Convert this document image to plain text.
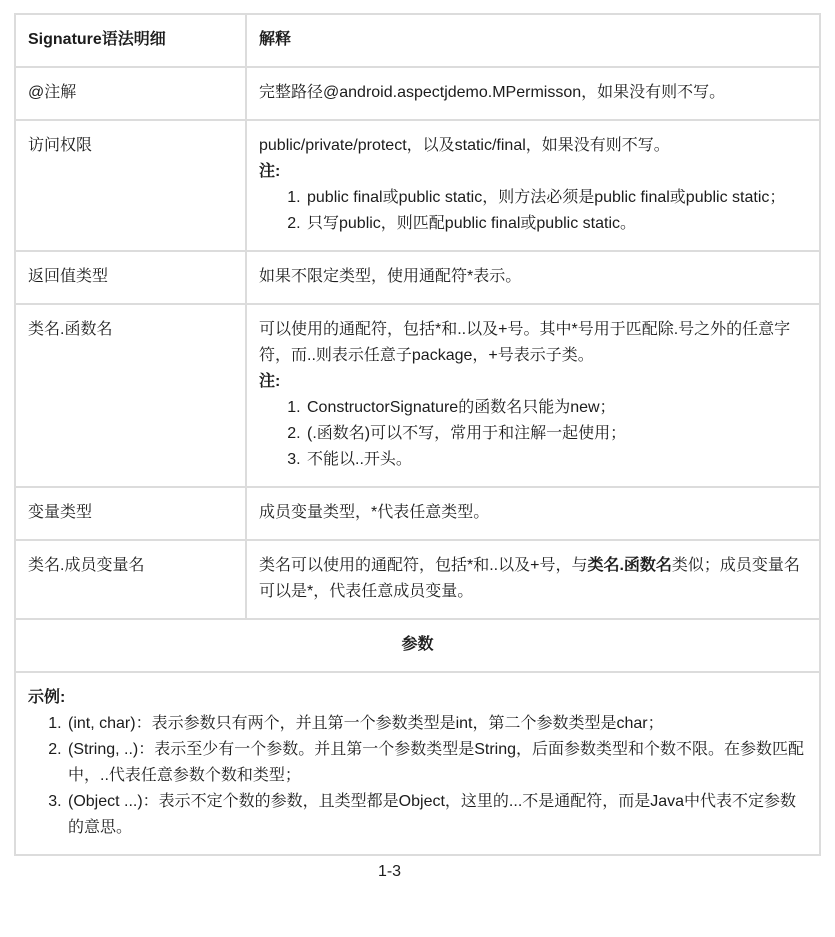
Signature语法明细	解释
@注解	完整路径@android.aspectjdemo.MPermisson，如果没有则不写。

访问权限	public/private/protect，以及static/final，如果没有则不写。

注:

1. public final或public static，则方法必须是public final或public static；
2. 只写public，则匹配public final或public static。

返回值类型	如果不限定类型，使用通配符*表示。

类名.函数名	可以使用的通配符，包括*和..以及+号。其中*号用于匹配除.号之外的任意字符，而..则表示任意子package，+号表示子类。

注:

1. ConstructorSignature的函数名只能为new；
2. (.函数名)可以不写，常用于和注解一起使用；
3. 不能以..开头。

变量类型	成员变量类型，*代表任意类型。

类名.成员变量名	类名可以使用的通配符，包括*和..以及+号，与类名.函数名类似；成员变量名可以是*，代表任意成员变量。

参数	

示例:

1. (int, char)：表示参数只有两个，并且第一个参数类型是int，第二个参数类型是char；
2. (String, ..)：表示至少有一个参数。并且第一个参数类型是String，后面参数类型和个数不限。在参数匹配中，..代表任意参数个数和类型；
3. (Object ...)：表示不定个数的参数，且类型都是Object，这里的...不是通配符，而是Java中代表不定参数的意思。
1-3
